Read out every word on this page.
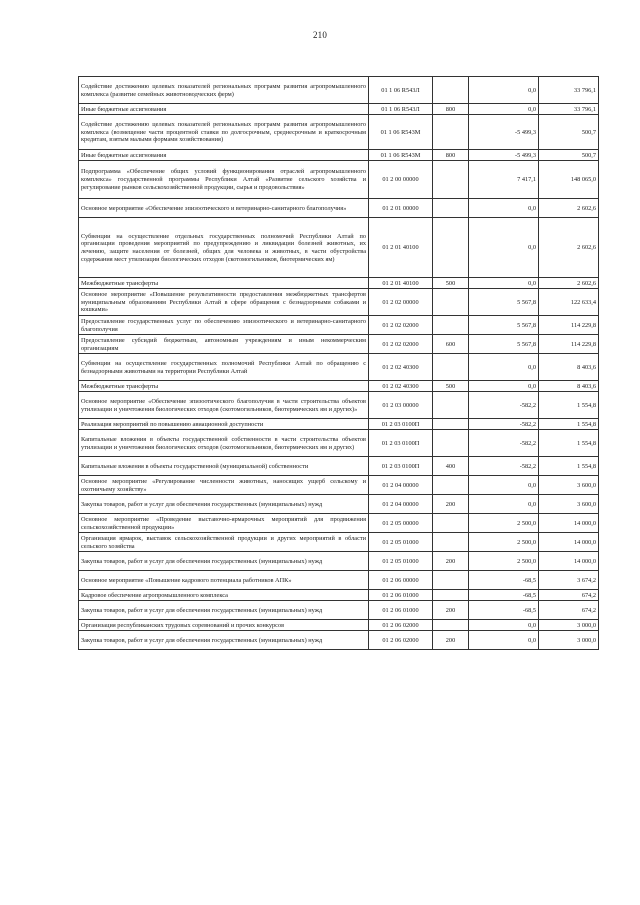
210
Содействие достижению целевых показателей региональных программ развития агропромышленного комплекса (развитие семейных животноводческих ферм)	01 1 06 R543Л		0,0	33 796,1
Иные бюджетные ассигнования	01 1 06 R543Л	800	0,0	33 796,1
Содействие достижению целевых показателей региональных программ развития агропромышленного комплекса (возмещение части процентной ставки по долгосрочным, среднесрочным и краткосрочным кредитам, взятым малыми формами хозяйствования)	01 1 06 R543М		-5 499,3	500,7
Иные бюджетные ассигнования	01 1 06 R543М	800	-5 499,3	500,7
Подпрограмма «Обеспечение общих условий функционирования отраслей агропромышленного комплекса» государственной программы Республики Алтай «Развитие сельского хозяйства и регулирование рынков сельскохозяйственной продукции, сырья и продовольствия»	01 2 00 00000		7 417,1	148 065,0
Основное мероприятие «Обеспечение эпизоотического и ветеринарно-санитарного благополучия»	01 2 01 00000		0,0	2 602,6
Субвенции на осуществление отдельных государственных полномочий Республики Алтай по организации проведения мероприятий по предупреждению и ликвидации болезней животных, их лечению, защите населения от болезней, общих для человека и животных, в части обустройства содержания мест утилизации биологических отходов (скотомогильников, биотермических ям)	01 2 01 40100		0,0	2 602,6
Межбюджетные трансферты	01 2 01 40100	500	0,0	2 602,6
Основное мероприятие «Повышение результативности предоставления межбюджетных трансфертов муниципальным образованиям Республики Алтай в сфере обращения с безнадзорными собаками и кошками»	01 2 02 00000		5 567,8	122 633,4
Предоставление государственных услуг по обеспечению эпизоотического и ветеринарно-санитарного благополучия	01 2 02 02000		5 567,8	114 229,8
Предоставление субсидий бюджетным, автономным учреждениям и иным некоммерческим организациям	01 2 02 02000	600	5 567,8	114 229,8
Субвенции на осуществление государственных полномочий Республики Алтай по обращению с безнадзорными животными на территории Республики Алтай	01 2 02 40300		0,0	8 403,6
Межбюджетные трансферты	01 2 02 40300	500	0,0	8 403,6
Основное мероприятие «Обеспечение эпизоотического благополучия в части строительства объектов утилизации и уничтожения биологических отходов (скотомогильников, биотермических ям и других)»	01 2 03 00000		-582,2	1 554,8
Реализация мероприятий по повышению авиационной доступности	01 2 03 0100П		-582,2	1 554,8
Капитальные вложения в объекты государственной собственности в части строительства объектов утилизации и уничтожения биологических отходов (скотомогильников, биотермических ям и других)	01 2 03 0100П		-582,2	1 554,8
Капитальные вложения в объекты государственной (муниципальной) собственности	01 2 03 0100П	400	-582,2	1 554,8
Основное мероприятие «Регулирование численности животных, наносящих ущерб сельскому и охотничьему хозяйству»	01 2 04 00000		0,0	3 600,0
Закупка товаров, работ и услуг для обеспечения государственных (муниципальных) нужд	01 2 04 00000	200	0,0	3 600,0
Основное мероприятие «Проведение выставочно-ярмарочных мероприятий для продвижения сельскохозяйственной продукции»	01 2 05 00000		2 500,0	14 000,0
Организация ярмарок, выставок сельскохозяйственной продукции и других мероприятий в области сельского хозяйства	01 2 05 01000		2 500,0	14 000,0
Закупка товаров, работ и услуг для обеспечения государственных (муниципальных) нужд	01 2 05 01000	200	2 500,0	14 000,0
Основное мероприятие «Повышение кадрового потенциала работников АПК»	01 2 06 00000		-68,5	3 674,2
Кадровое обеспечение агропромышленного комплекса	01 2 06 01000		-68,5	674,2
Закупка товаров, работ и услуг для обеспечения государственных (муниципальных) нужд	01 2 06 01000	200	-68,5	674,2
Организация республиканских трудовых соревнований и прочих конкурсов	01 2 06 02000		0,0	3 000,0
Закупка товаров, работ и услуг для обеспечения государственных (муниципальных) нужд	01 2 06 02000	200	0,0	3 000,0
